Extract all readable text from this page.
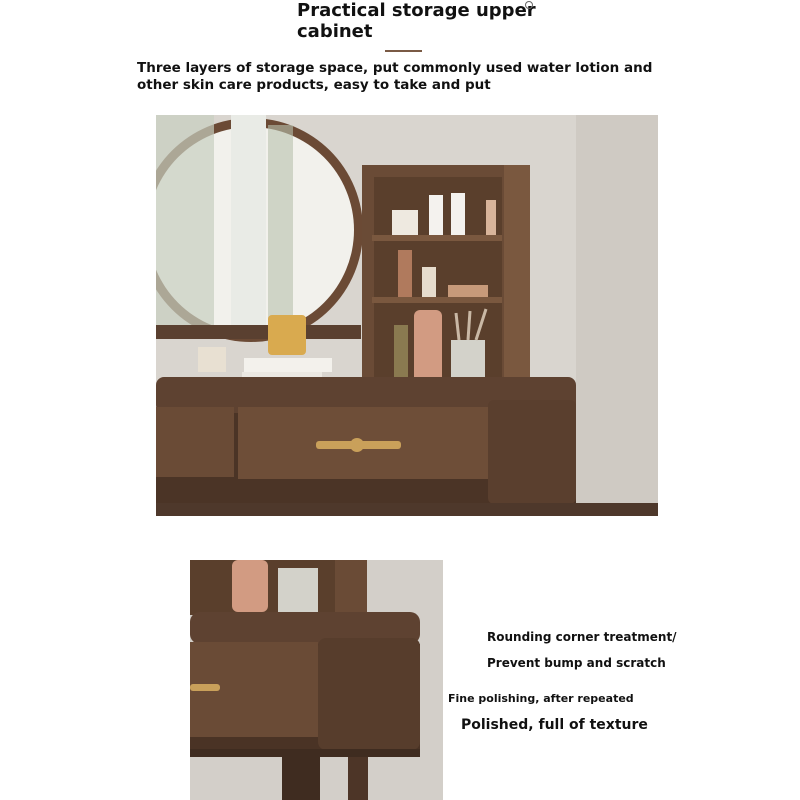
Practical storage upper cabinet
Three layers of storage space, put commonly used water lotion and other skin care products, easy to take and put
Rounding corner treatment/
Prevent bump and scratch
Fine polishing, after repeated
Polished, full of texture
